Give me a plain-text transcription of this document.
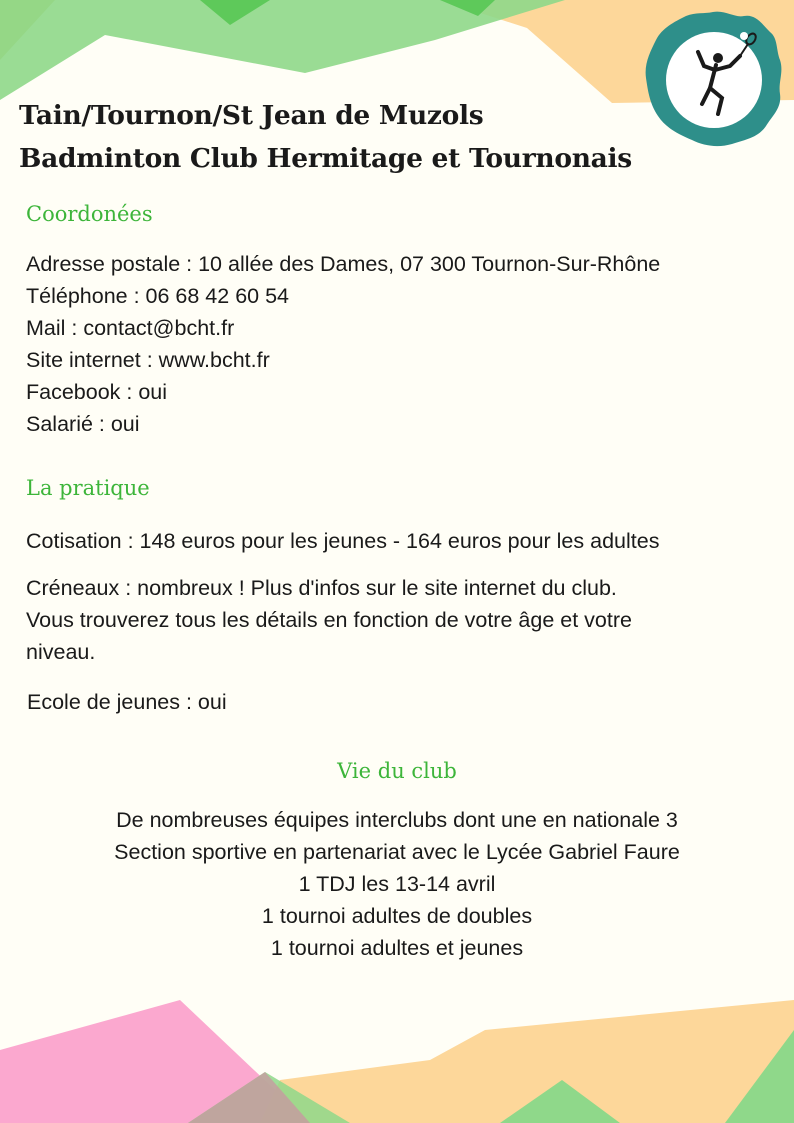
Tain/Tournon/St Jean de Muzols
Badminton Club Hermitage et Tournonais
Coordonées
Adresse postale : 10 allée des Dames, 07 300 Tournon-Sur-Rhône
Téléphone : 06 68 42 60 54
Mail : contact@bcht.fr
Site internet : www.bcht.fr
Facebook : oui
Salarié : oui
La pratique
Cotisation : 148 euros pour les jeunes - 164 euros pour les adultes
Créneaux : nombreux ! Plus d'infos sur le site internet du club.
Vous trouverez tous les détails en fonction de votre âge et votre
niveau.
Ecole de jeunes : oui
Vie du club
De nombreuses équipes interclubs dont une en nationale 3
Section sportive en partenariat avec le Lycée Gabriel Faure
1 TDJ les 13-14 avril
1 tournoi adultes de doubles
1 tournoi adultes et jeunes
